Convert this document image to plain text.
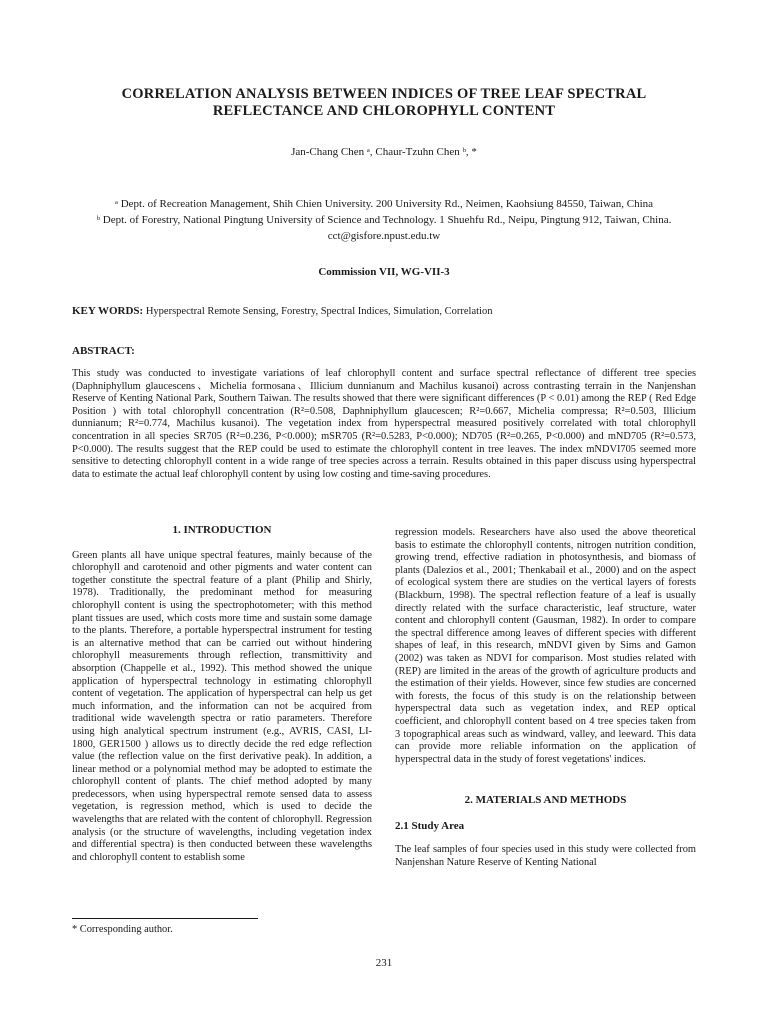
CORRELATION ANALYSIS BETWEEN INDICES OF TREE LEAF SPECTRAL REFLECTANCE AND CHLOROPHYLL CONTENT
Jan-Chang Chen ᵃ, Chaur-Tzuhn Chen ᵇ, *

ᵃ Dept. of Recreation Management, Shih Chien University. 200 University Rd., Neimen, Kaohsiung 84550, Taiwan, China

ᵇ Dept. of Forestry, National Pingtung University of Science and Technology. 1 Shuehfu Rd., Neipu, Pingtung 912, Taiwan, China. cct@gisfore.npust.edu.tw

Commission VII, WG-VII-3
KEY WORDS: Hyperspectral Remote Sensing, Forestry, Spectral Indices, Simulation, Correlation
ABSTRACT:
This study was conducted to investigate variations of leaf chlorophyll content and surface spectral reflectance of different tree species (Daphniphyllum glaucescens、Michelia formosana、Illicium dunnianum and Machilus kusanoi) across contrasting terrain in the Nanjenshan Reserve of Kenting National Park, Southern Taiwan. The results showed that there were significant differences (P < 0.01) among the REP ( Red Edge Position ) with total chlorophyll concentration (R²=0.508, Daphniphyllum glaucescen; R²=0.667, Michelia compressa; R²=0.503, Illicium dunnianum; R²=0.774, Machilus kusanoi). The vegetation index from hyperspectral measured positively correlated with total chlorophyll concentration in all species SR705 (R²=0.236, P<0.000); mSR705 (R²=0.5283, P<0.000); ND705 (R²=0.265, P<0.000) and mND705 (R²=0.573, P<0.000). The results suggest that the REP could be used to estimate the chlorophyll content in tree leaves. The index mNDVI705 seemed more sensitive to detecting chlorophyll content in a wide range of tree species across a terrain. Results obtained in this paper discuss using hyperspectral data to estimate the actual leaf chlorophyll content by using low costing and time-saving procedures.
1. INTRODUCTION

Green plants all have unique spectral features, mainly because of the chlorophyll and carotenoid and other pigments and water content can together constitute the spectral feature of a plant (Philip and Shirly, 1978). Traditionally, the predominant method for measuring chlorophyll content is using the spectrophotometer; with this method plant tissues are used, which costs more time and sustain some damage to the plants. Therefore, a portable hyperspectral instrument for testing is an alternative method that can be carried out without hindering chlorophyll measurements through reflection, transmittivity and absorption (Chappelle et al., 1992). This method showed the unique application of hyperspectral technology in estimating chlorophyll content of vegetation. The application of hyperspectral can help us get much information, and the information can not be acquired from traditional wide wavelength spectra or ratio parameters. Therefore using high analytical spectrum instrument (e.g., AVRIS, CASI, LI-1800, GER1500 ) allows us to directly decide the red edge reflection value (the reflection value on the first derivative peak). In addition, a linear method or a polynomial method may be adopted to estimate the chlorophyll content of plants. The chief method adopted by many predecessors, when using hyperspectral remote sensed data to assess vegetation, is regression method, which is used to decide the wavelengths that are related with the content of chlorophyll. Regression analysis (or the structure of wavelengths, including vegetation index and differential spectra) is then conducted between these wavelengths and chlorophyll content to establish some

regression models. Researchers have also used the above theoretical basis to estimate the chlorophyll contents, nitrogen nutrition condition, growing trend, effective radiation in photosynthesis, and biomass of plants (Dalezios et al., 2001; Thenkabail et al., 2000) and on the aspect of ecological system there are studies on the vertical layers of forests (Blackburn, 1998). The spectral reflection feature of a leaf is usually directly related with the surface characteristic, leaf structure, water content and chlorophyll content (Gausman, 1982). In order to compare the spectral difference among leaves of different species with different shapes of leaf, in this research, mNDVI given by Sims and Gamon (2002) was taken as NDVI for comparison. Most studies related with (REP) are limited in the areas of the growth of agriculture products and the estimation of their yields. However, since few studies are concerned with forests, the focus of this study is on the relationship between hyperspectral data such as vegetation index, and REP optical coefficient, and chlorophyll content based on 4 tree species taken from 3 topographical areas such as windward, valley, and leeward. This data can provide more reliable information on the application of hyperspectral data in the study of forest vegetations' indices.

2. MATERIALS AND METHODS
2.1 Study Area

The leaf samples of four species used in this study were collected from Nanjenshan Nature Reserve of Kenting National

* Corresponding author.
231
